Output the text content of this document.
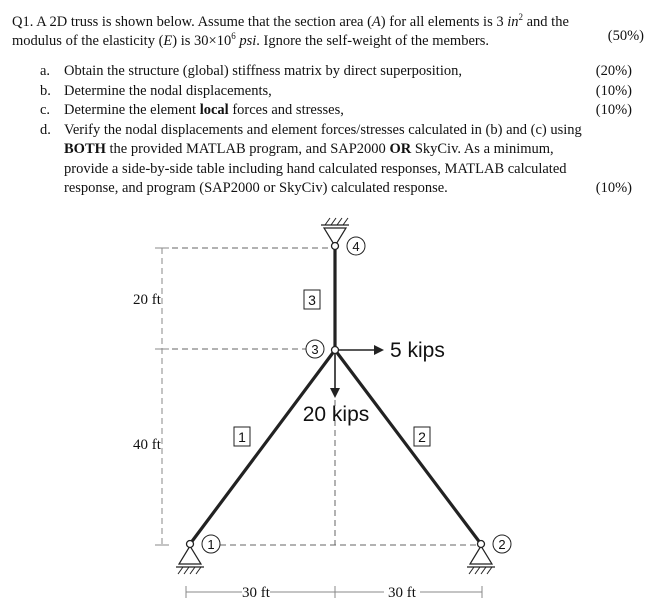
Q1. A 2D truss is shown below. Assume that the section area (A) for all elements is 3 $in^2$ and the
modulus of the elasticity (E) is $30\times 10^6$ psi. Ignore the self-weight of the members.	(50%)
a. Obtain the structure (global) stiffness matrix by direct superposition,	(20%)
b. Determine the nodal displacements,	(10%)
c. Determine the element local forces and stresses,	(10%)
d. Verify the nodal displacements and element forces/stresses calculated in (b) and (c) using
BOTH the provided MATLAB program, and SAP2000 OR SkyCiv. As a minimum,
provide a side-by-side table including hand calculated responses, MATLAB calculated
response, and program (SAP2000 or SkyCiv) calculated response.	(10%)
4
3
1	2
3
1	2
5 kips
20 kips
20 ft
40 ft
30 ft	30 ft
